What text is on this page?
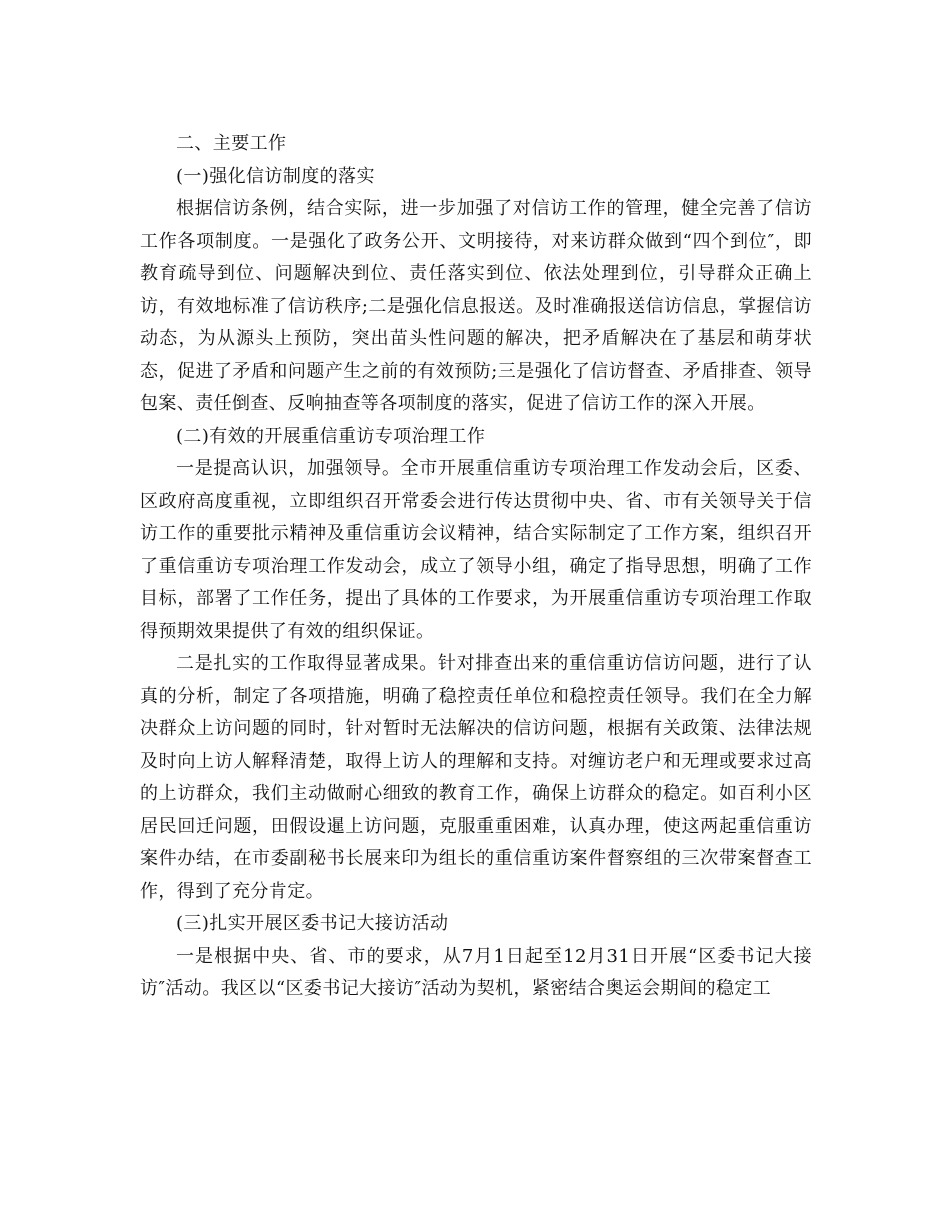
二、主要工作

(一)强化信访制度的落实

根据信访条例，结合实际，进一步加强了对信访工作的管理，健全完善了信访工作各项制度。一是强化了政务公开、文明接待，对来访群众做到“四个到位″，即教育疏导到位、问题解决到位、责任落实到位、依法处理到位，引导群众正确上访，有效地标准了信访秩序;二是强化信息报送。及时准确报送信访信息，掌握信访动态，为从源头上预防，突出苗头性问题的解决，把矛盾解决在了基层和萌芽状态，促进了矛盾和问题产生之前的有效预防;三是强化了信访督查、矛盾排查、领导包案、责任倒查、反响抽查等各项制度的落实，促进了信访工作的深入开展。

(二)有效的开展重信重访专项治理工作

一是提高认识，加强领导。全市开展重信重访专项治理工作发动会后，区委、区政府高度重视，立即组织召开常委会进行传达贯彻中央、省、市有关领导关于信访工作的重要批示精神及重信重访会议精神，结合实际制定了工作方案，组织召开了重信重访专项治理工作发动会，成立了领导小组，确定了指导思想，明确了工作目标，部署了工作任务，提出了具体的工作要求，为开展重信重访专项治理工作取得预期效果提供了有效的组织保证。

二是扎实的工作取得显著成果。针对排查出来的重信重访信访问题，进行了认真的分析，制定了各项措施，明确了稳控责任单位和稳控责任领导。我们在全力解决群众上访问题的同时，针对暂时无法解决的信访问题，根据有关政策、法律法规及时向上访人解释清楚，取得上访人的理解和支持。对缠访老户和无理或要求过高的上访群众，我们主动做耐心细致的教育工作，确保上访群众的稳定。如百利小区居民回迁问题，田假设暹上访问题，克服重重困难，认真办理，使这两起重信重访案件办结，在市委副秘书长展来印为组长的重信重访案件督察组的三次带案督查工作，得到了充分肯定。

(三)扎实开展区委书记大接访活动

一是根据中央、省、市的要求，从7月1日起至12月31日开展“区委书记大接访″活动。我区以“区委书记大接访″活动为契机，紧密结合奥运会期间的稳定工
